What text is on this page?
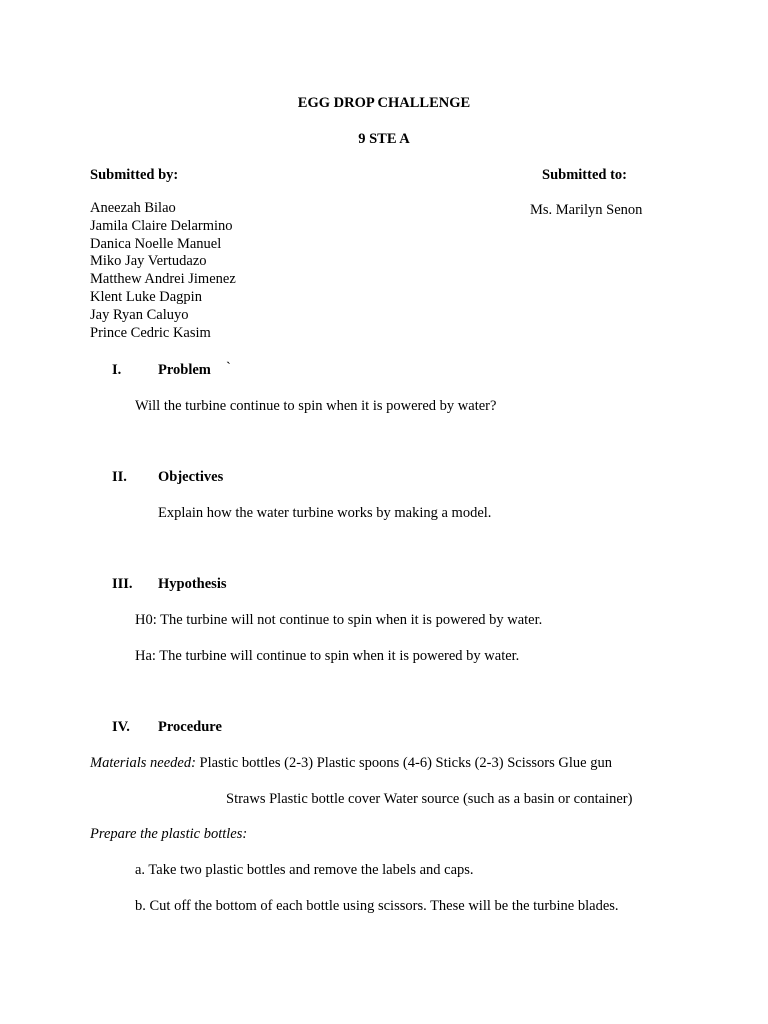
EGG DROP CHALLENGE
9 STE A
Submitted by:	Submitted to:
Ms. Marilyn Senon
Aneezah Bilao
Jamila Claire Delarmino
Danica Noelle Manuel
Miko Jay Vertudazo
Matthew Andrei Jimenez
Klent Luke Dagpin
Jay Ryan Caluyo
Prince Cedric Kasim
I.	Problem `
Will the turbine continue to spin when it is powered by water?
II. Objectives
Explain how the water turbine works by making a model.
III. Hypothesis
H0: The turbine will not continue to spin when it is powered by water.
Ha: The turbine will continue to spin when it is powered by water.
IV. Procedure
Materials needed: Plastic bottles (2-3) Plastic spoons (4-6) Sticks (2-3) Scissors Glue gun
Straws Plastic bottle cover Water source (such as a basin or container)
Prepare the plastic bottles:
a. Take two plastic bottles and remove the labels and caps.
b. Cut off the bottom of each bottle using scissors. These will be the turbine blades.
